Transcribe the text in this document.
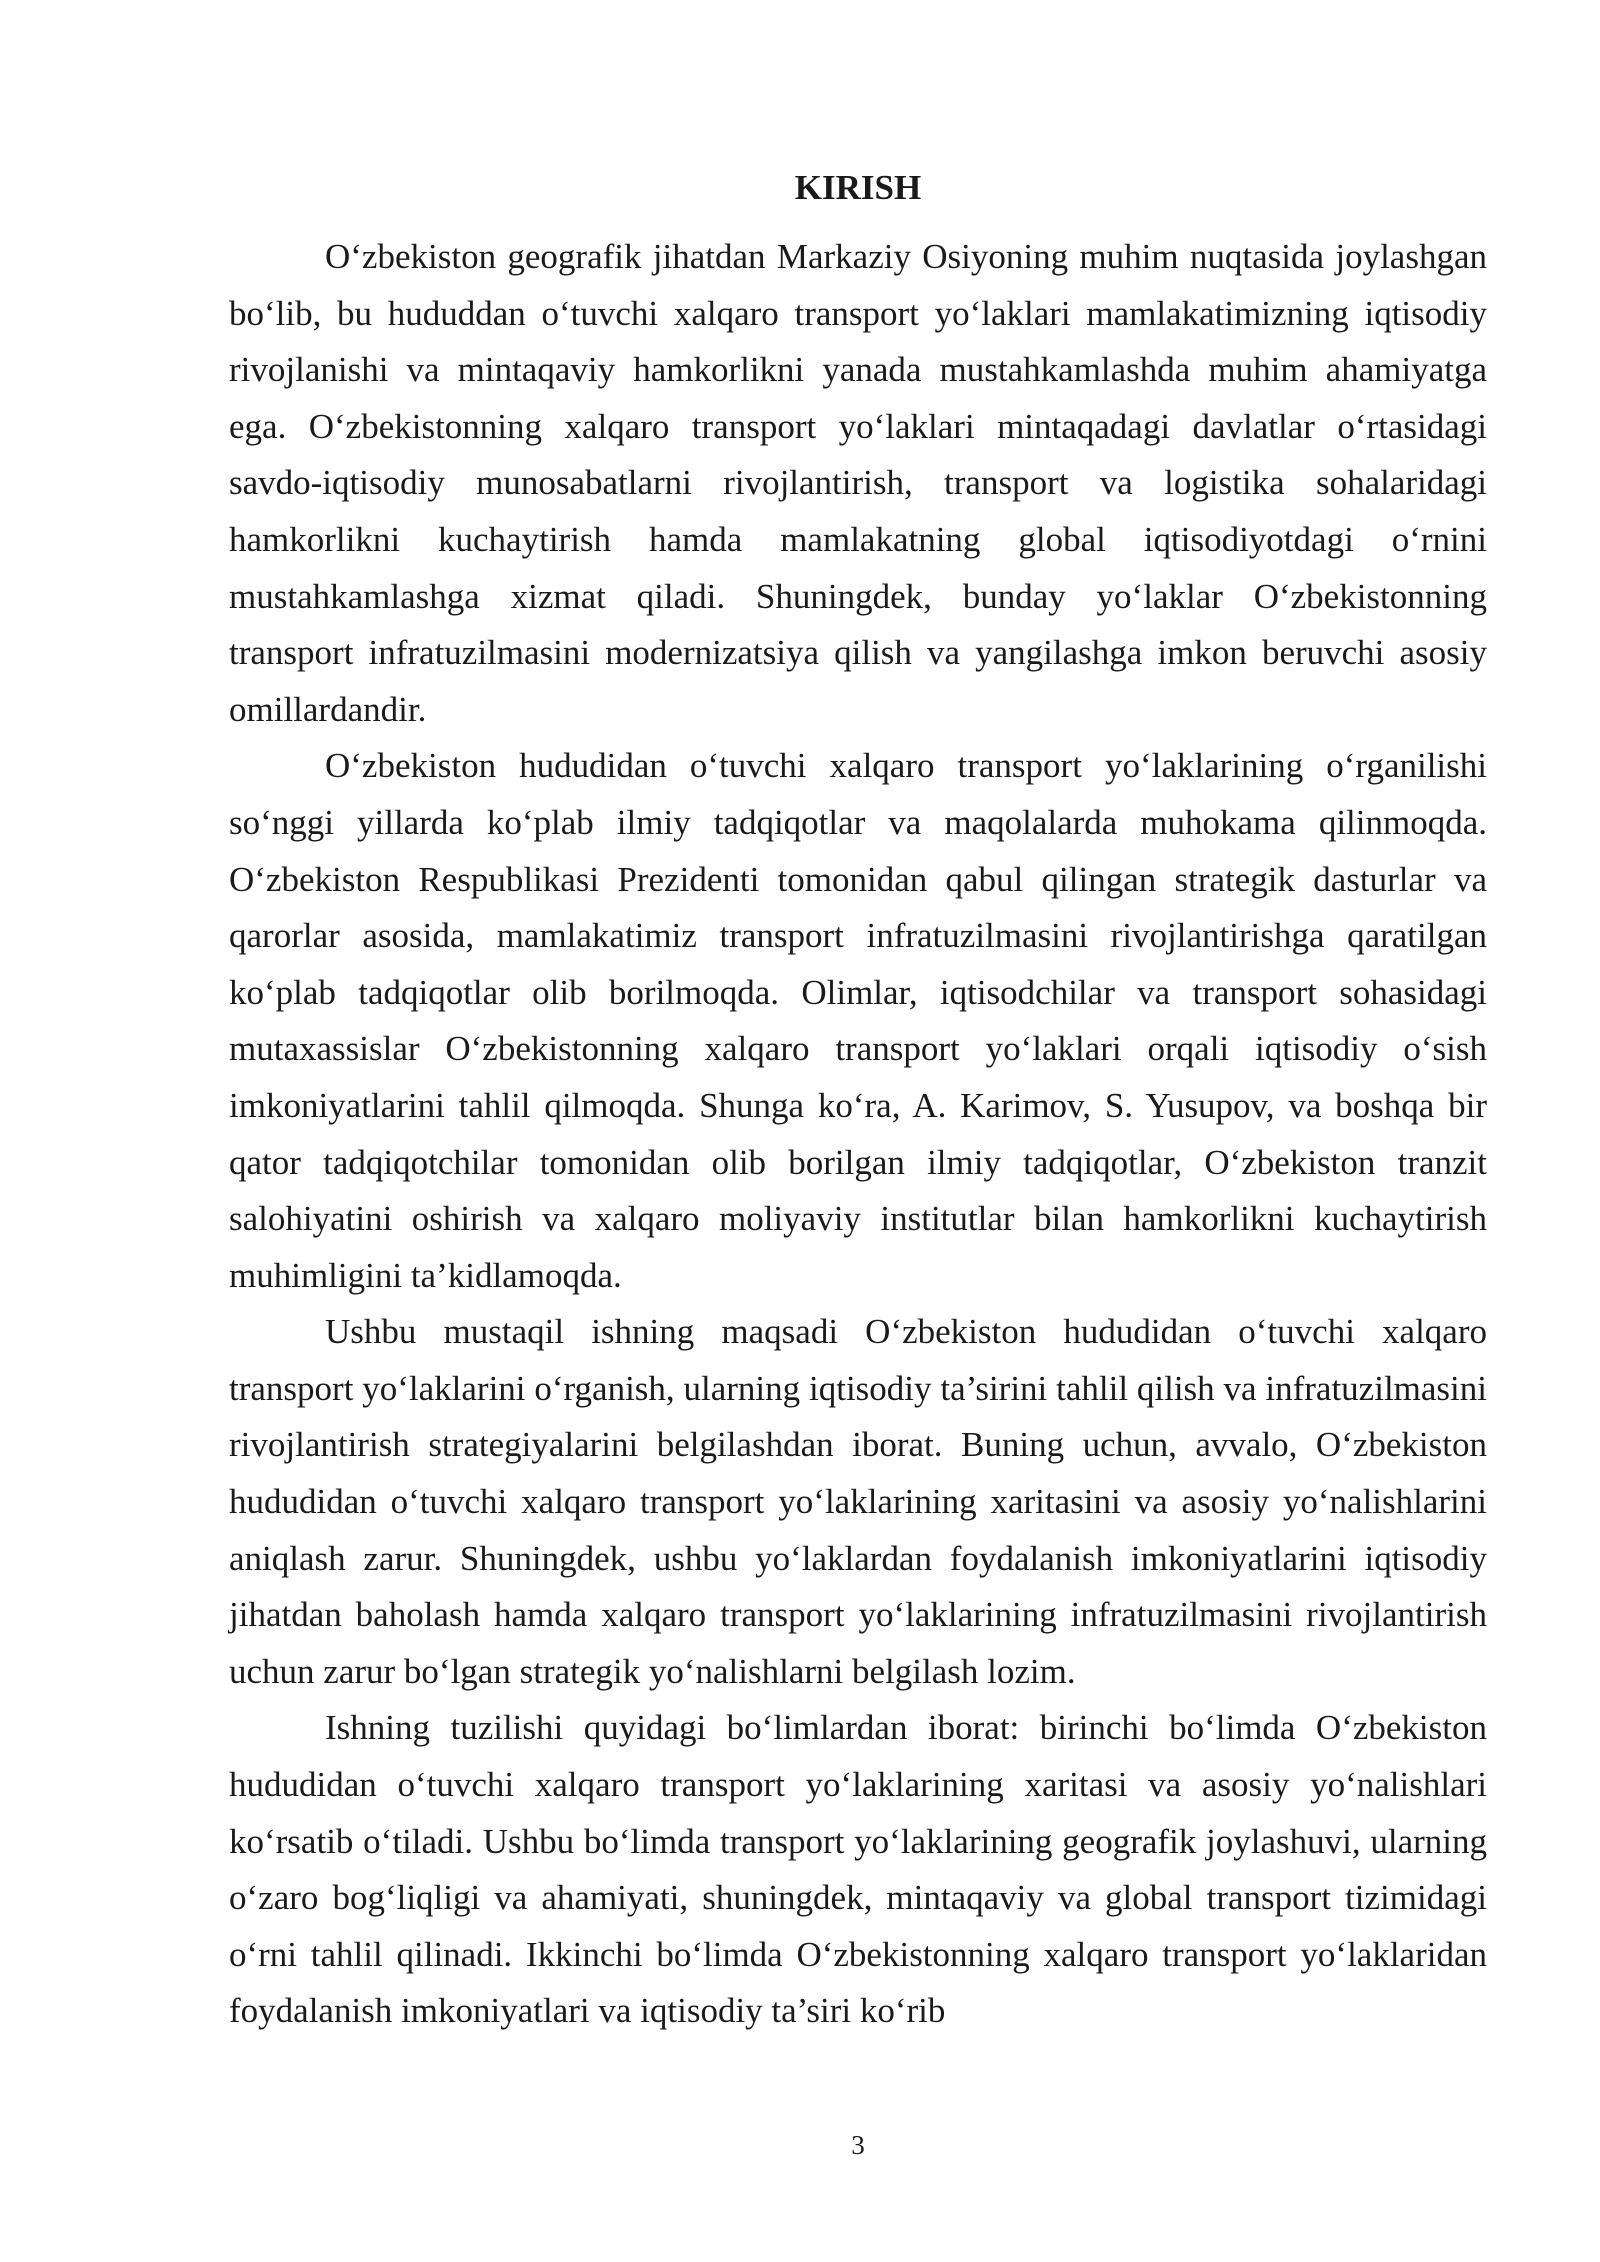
KIRISH

O‘zbekiston geografik jihatdan Markaziy Osiyoning muhim nuqtasida joylashgan bo‘lib, bu hududdan o‘tuvchi xalqaro transport yo‘laklari mamlakatimizning iqtisodiy rivojlanishi va mintaqaviy hamkorlikni yanada mustahkamlashda muhim ahamiyatga ega. O‘zbekistonning xalqaro transport yo‘laklari mintaqadagi davlatlar o‘rtasidagi savdo-iqtisodiy munosabatlarni rivojlantirish, transport va logistika sohalaridagi hamkorlikni kuchaytirish hamda mamlakatning global iqtisodiyotdagi o‘rnini mustahkamlashga xizmat qiladi. Shuningdek, bunday yo‘laklar O‘zbekistonning transport infratuzilmasini modernizatsiya qilish va yangilashga imkon beruvchi asosiy omillardandir.

O‘zbekiston hududidan o‘tuvchi xalqaro transport yo‘laklarining o‘rganilishi so‘nggi yillarda ko‘plab ilmiy tadqiqotlar va maqolalarda muhokama qilinmoqda. O‘zbekiston Respublikasi Prezidenti tomonidan qabul qilingan strategik dasturlar va qarorlar asosida, mamlakatimiz transport infratuzilmasini rivojlantirishga qaratilgan ko‘plab tadqiqotlar olib borilmoqda. Olimlar, iqtisodchilar va transport sohasidagi mutaxassislar O‘zbekistonning xalqaro transport yo‘laklari orqali iqtisodiy o‘sish imkoniyatlarini tahlil qilmoqda. Shunga ko‘ra, A. Karimov, S. Yusupov, va boshqa bir qator tadqiqotchilar tomonidan olib borilgan ilmiy tadqiqotlar, O‘zbekiston tranzit salohiyatini oshirish va xalqaro moliyaviy institutlar bilan hamkorlikni kuchaytirish muhimligini ta’kidlamoqda.

Ushbu mustaqil ishning maqsadi O‘zbekiston hududidan o‘tuvchi xalqaro transport yo‘laklarini o‘rganish, ularning iqtisodiy ta’sirini tahlil qilish va infratuzilmasini rivojlantirish strategiyalarini belgilashdan iborat. Buning uchun, avvalo, O‘zbekiston hududidan o‘tuvchi xalqaro transport yo‘laklarining xaritasini va asosiy yo‘nalishlarini aniqlash zarur. Shuningdek, ushbu yo‘laklardan foydalanish imkoniyatlarini iqtisodiy jihatdan baholash hamda xalqaro transport yo‘laklarining infratuzilmasini rivojlantirish uchun zarur bo‘lgan strategik yo‘nalishlarni belgilash lozim.

Ishning tuzilishi quyidagi bo‘limlardan iborat: birinchi bo‘limda O‘zbekiston hududidan o‘tuvchi xalqaro transport yo‘laklarining xaritasi va asosiy yo‘nalishlari ko‘rsatib o‘tiladi. Ushbu bo‘limda transport yo‘laklarining geografik joylashuvi, ularning o‘zaro bog‘liqligi va ahamiyati, shuningdek, mintaqaviy va global transport tizimidagi o‘rni tahlil qilinadi. Ikkinchi bo‘limda O‘zbekistonning xalqaro transport yo‘laklaridan foydalanish imkoniyatlari va iqtisodiy ta’siri ko‘rib

3
